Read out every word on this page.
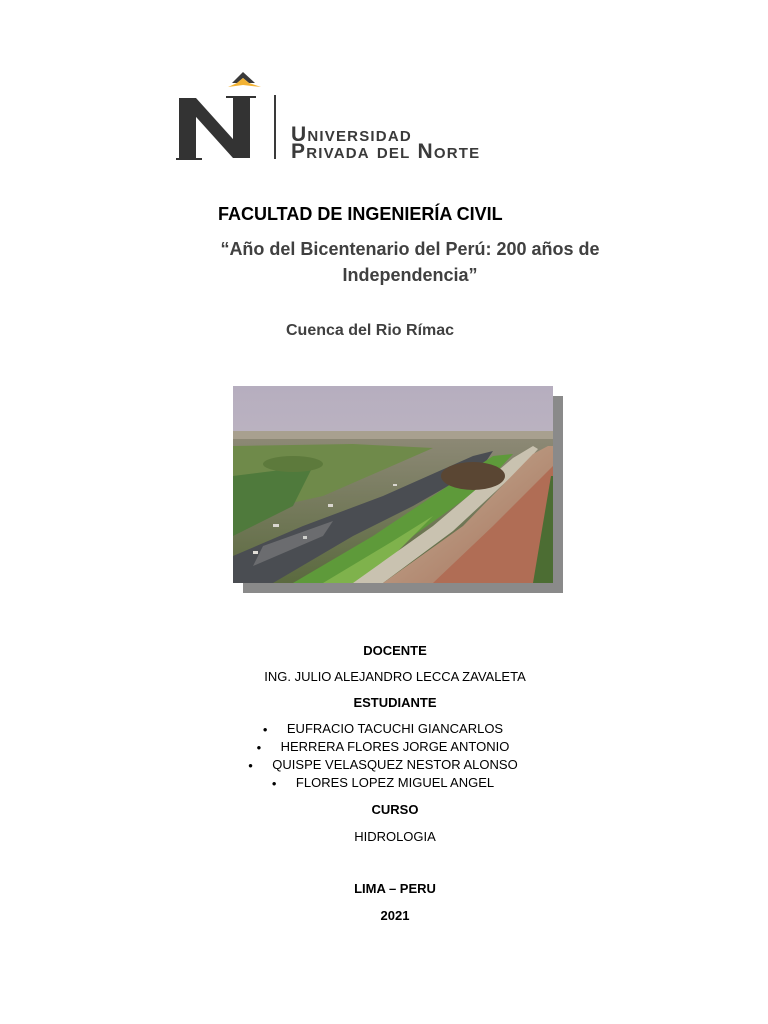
Universidad
Privada del Norte
FACULTAD DE INGENIERÍA CIVIL
“Año del Bicentenario del Perú: 200 años de Independencia”
Cuenca del Rio Rímac
DOCENTE
ING. JULIO ALEJANDRO LECCA ZAVALETA
ESTUDIANTE
• EUFRACIO TACUCHI GIANCARLOS
• HERRERA FLORES JORGE ANTONIO
• QUISPE VELASQUEZ NESTOR ALONSO
• FLORES LOPEZ MIGUEL ANGEL
CURSO
HIDROLOGIA
LIMA – PERU
2021
